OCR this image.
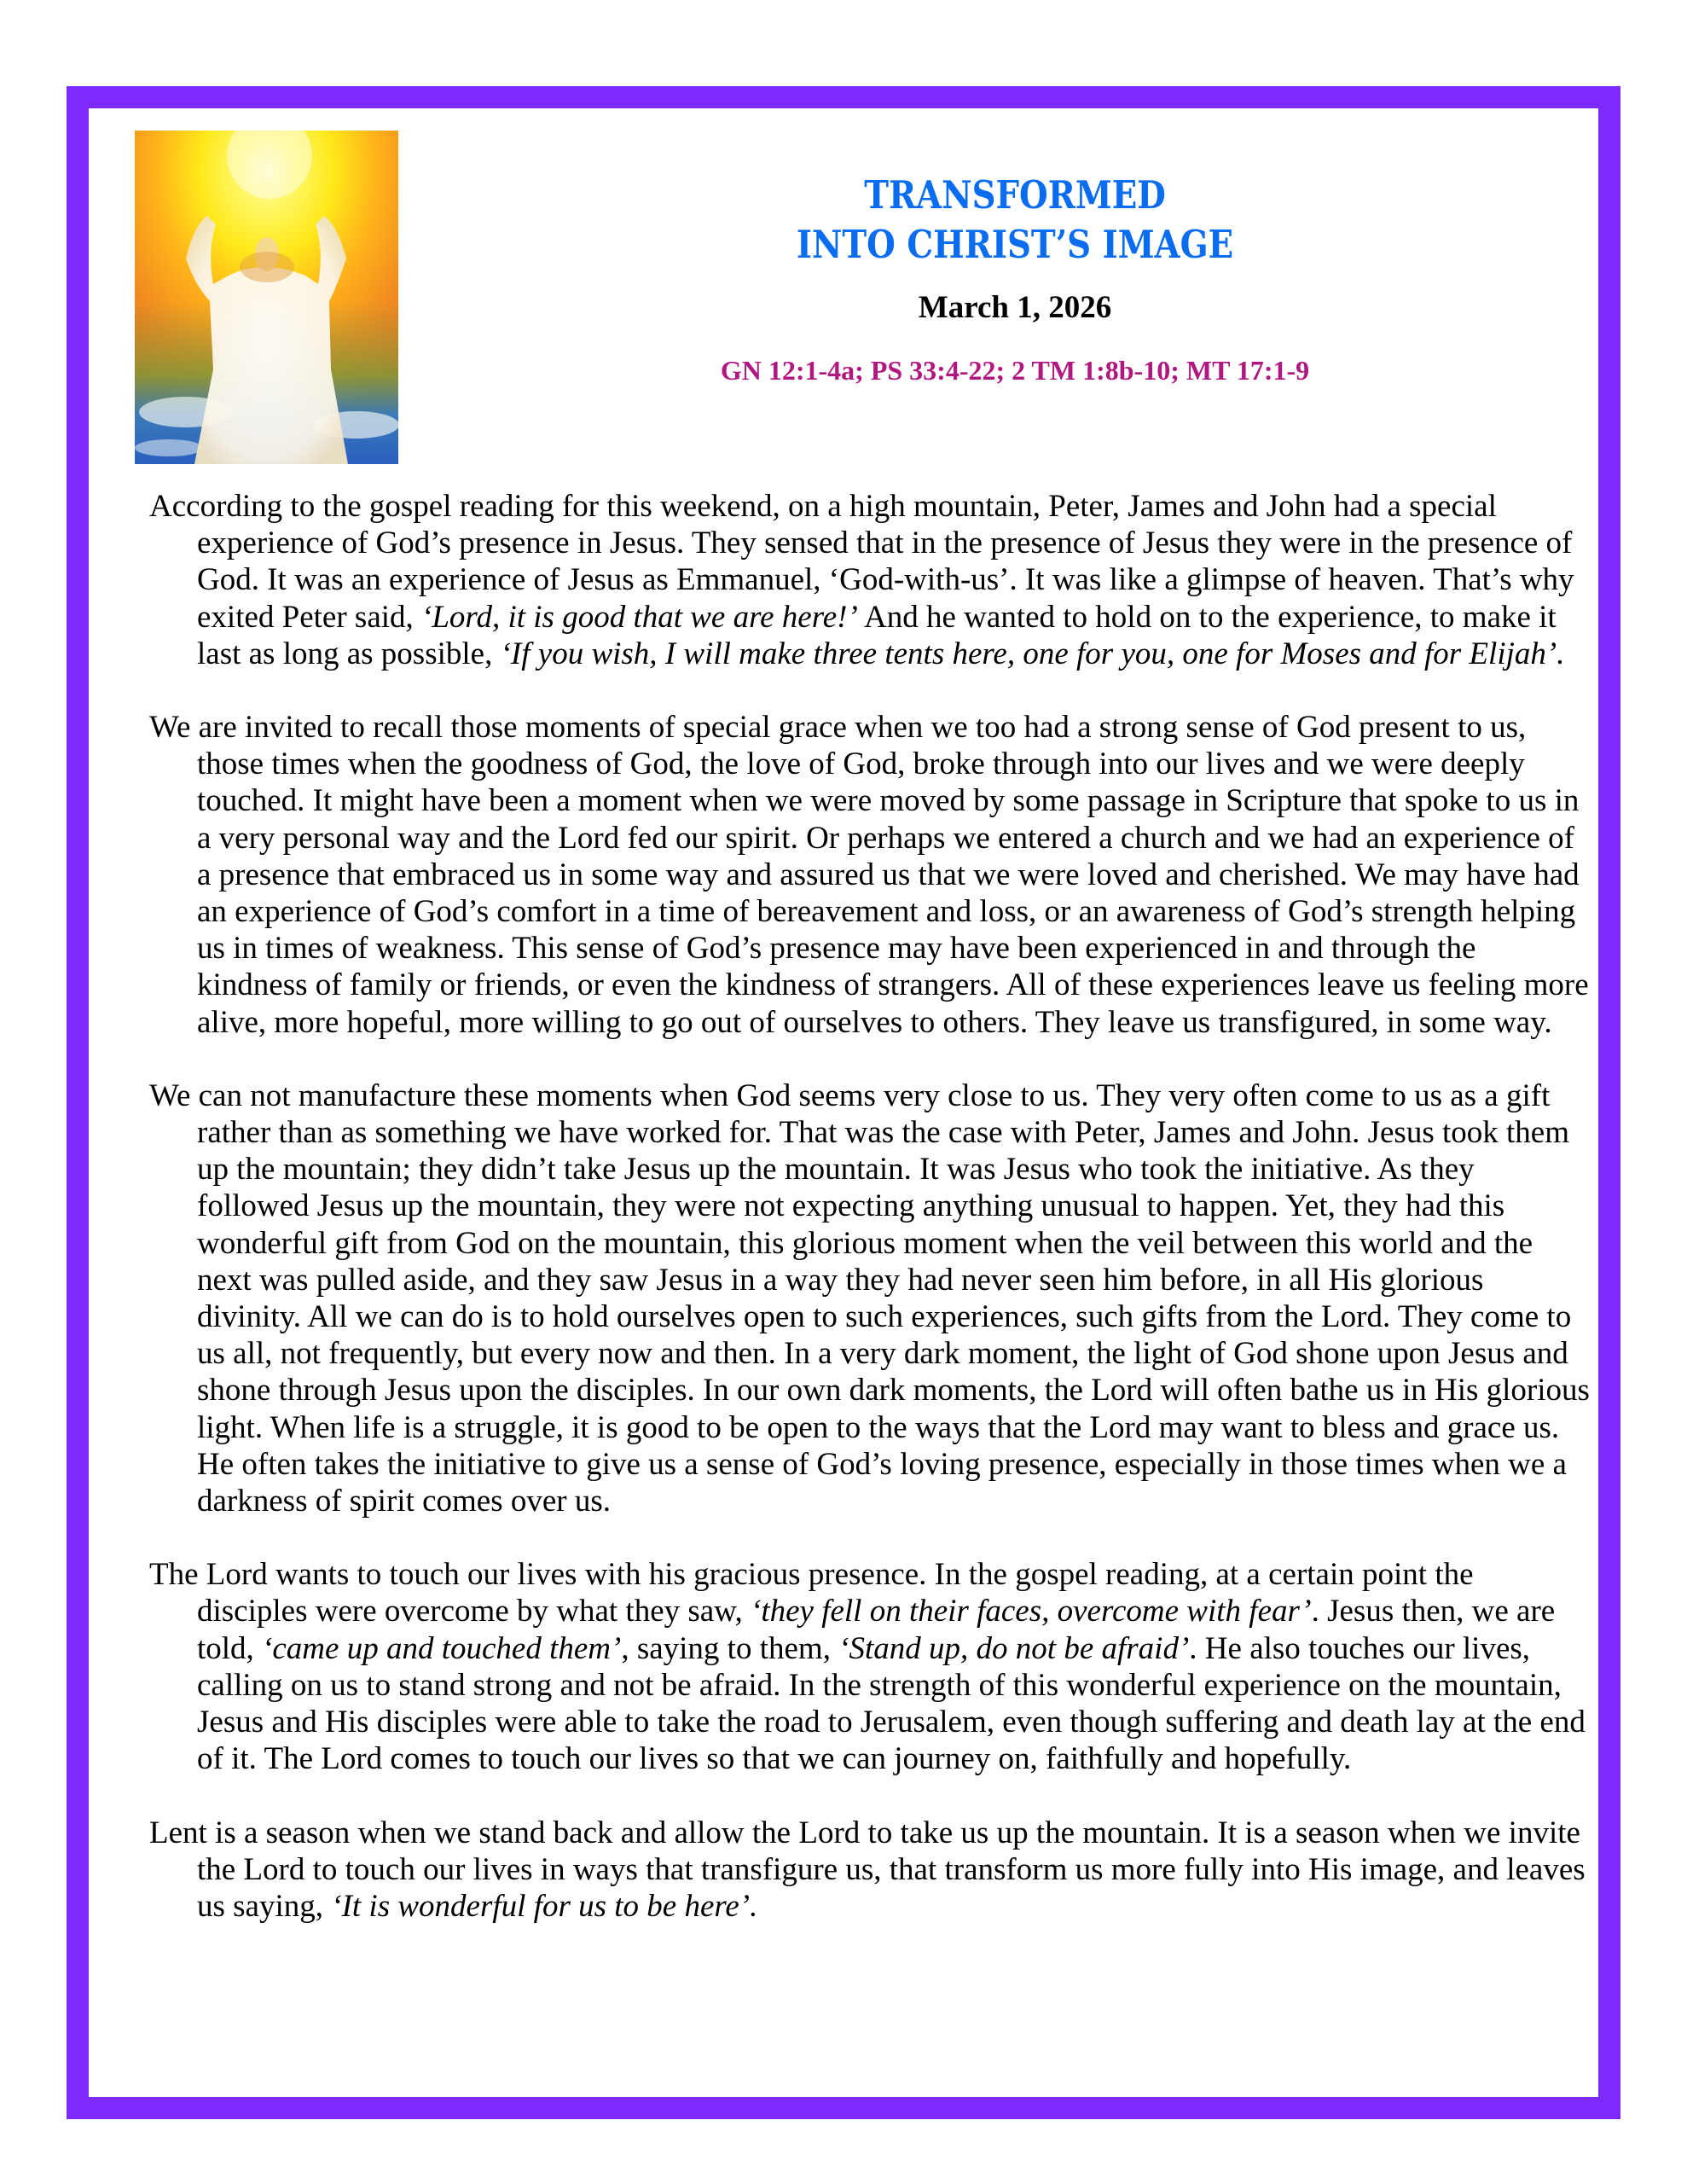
TRANSFORMED
INTO CHRIST’S IMAGE
March 1, 2026
GN 12:1-4a; PS 33:4-22; 2 TM 1:8b-10; MT 17:1-9

According to the gospel reading for this weekend, on a high mountain, Peter, James and John had a special experience of God’s presence in Jesus. They sensed that in the presence of Jesus they were in the presence of God. It was an experience of Jesus as Emmanuel, ‘God-with-us’. It was like a glimpse of heaven. That’s why exited Peter said, ‘Lord, it is good that we are here!’ And he wanted to hold on to the experience, to make it last as long as possible, ‘If you wish, I will make three tents here, one for you, one for Moses and for Elijah’.

We are invited to recall those moments of special grace when we too had a strong sense of God present to us, those times when the goodness of God, the love of God, broke through into our lives and we were deeply touched. It might have been a moment when we were moved by some passage in Scripture that spoke to us in a very personal way and the Lord fed our spirit. Or perhaps we entered a church and we had an experience of a presence that embraced us in some way and assured us that we were loved and cherished. We may have had an experience of God’s comfort in a time of bereavement and loss, or an awareness of God’s strength helping us in times of weakness. This sense of God’s presence may have been experienced in and through the kindness of family or friends, or even the kindness of strangers. All of these experiences leave us feeling more alive, more hopeful, more willing to go out of ourselves to others. They leave us transfigured, in some way.

We can not manufacture these moments when God seems very close to us. They very often come to us as a gift rather than as something we have worked for. That was the case with Peter, James and John. Jesus took them up the mountain; they didn’t take Jesus up the mountain. It was Jesus who took the initiative. As they followed Jesus up the mountain, they were not expecting anything unusual to happen. Yet, they had this wonderful gift from God on the mountain, this glorious moment when the veil between this world and the next was pulled aside, and they saw Jesus in a way they had never seen him before, in all His glorious divinity. All we can do is to hold ourselves open to such experiences, such gifts from the Lord. They come to us all, not frequently, but every now and then. In a very dark moment, the light of God shone upon Jesus and shone through Jesus upon the disciples. In our own dark moments, the Lord will often bathe us in His glorious light. When life is a struggle, it is good to be open to the ways that the Lord may want to bless and grace us. He often takes the initiative to give us a sense of God’s loving presence, especially in those times when we a darkness of spirit comes over us.

The Lord wants to touch our lives with his gracious presence. In the gospel reading, at a certain point the disciples were overcome by what they saw, ‘they fell on their faces, overcome with fear’. Jesus then, we are told, ‘came up and touched them’, saying to them, ‘Stand up, do not be afraid’. He also touches our lives, calling on us to stand strong and not be afraid. In the strength of this wonderful experience on the mountain, Jesus and His disciples were able to take the road to Jerusalem, even though suffering and death lay at the end of it. The Lord comes to touch our lives so that we can journey on, faithfully and hopefully.

Lent is a season when we stand back and allow the Lord to take us up the mountain. It is a season when we invite the Lord to touch our lives in ways that transfigure us, that transform us more fully into His image, and leaves us saying, ‘It is wonderful for us to be here’.
